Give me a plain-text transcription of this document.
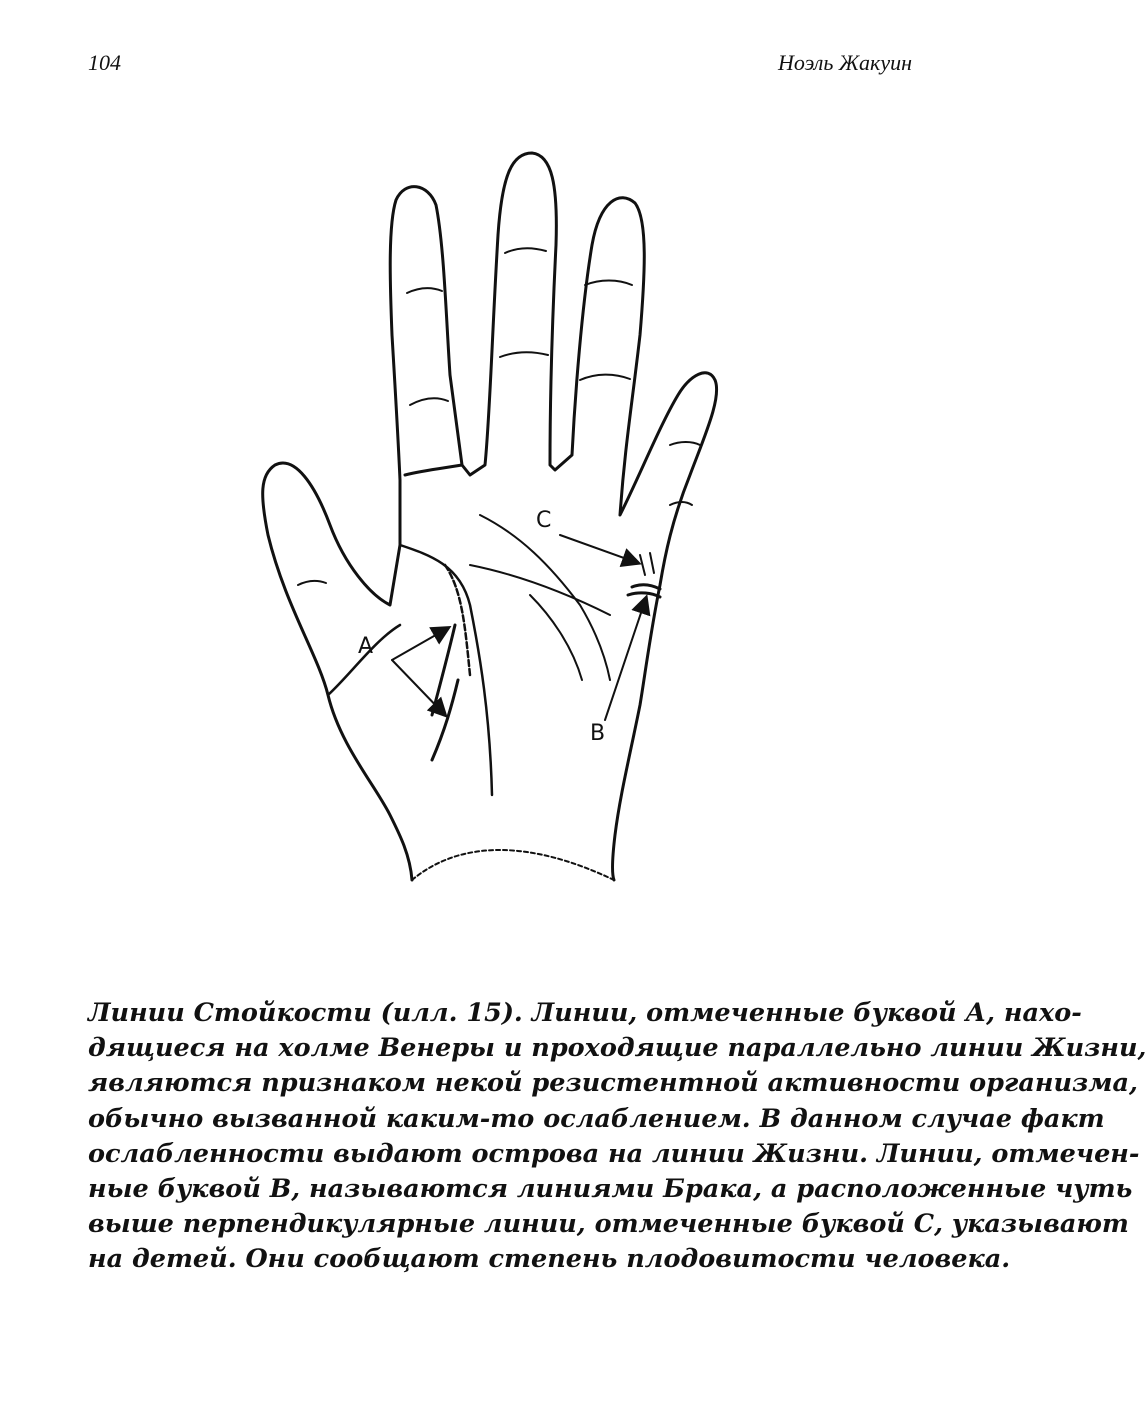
104	Ноэль Жакуин
A
B
C
Линии Стойкости (илл. 15). Линии, отмеченные буквой А, нахо-
дящиеся на холме Венеры и проходящие параллельно линии Жизни,
являются признаком некой резистентной активности организма,
обычно вызванной каким-то ослаблением. В данном случае факт
ослабленности выдают острова на линии Жизни. Линии, отмечен-
ные буквой В, называются линиями Брака, а расположенные чуть
выше перпендикулярные линии, отмеченные буквой С, указывают
на детей. Они сообщают степень плодовитости человека.
